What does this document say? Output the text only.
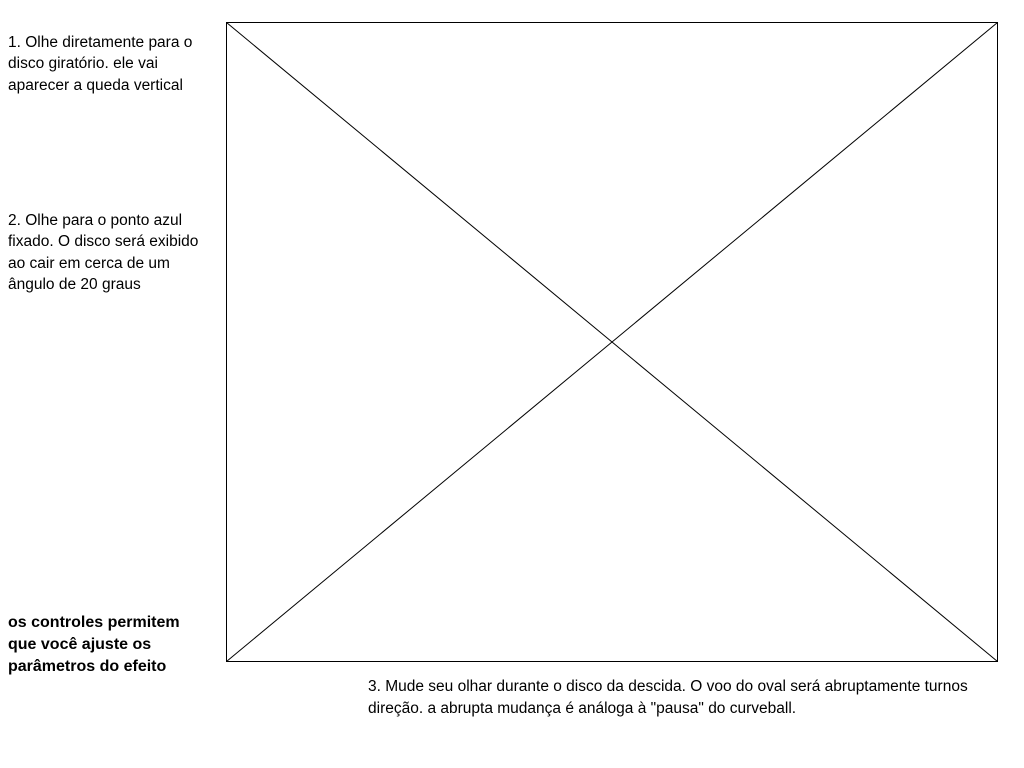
1. Olhe diretamente para o disco giratório. ele vai aparecer a queda vertical
2. Olhe para o ponto azul fixado. O disco será exibido ao cair em cerca de um ângulo de 20 graus
os controles permitem que você ajuste os parâmetros do efeito
3. Mude seu olhar durante o disco da descida. O voo do oval será abruptamente turnos direção. a abrupta mudança é análoga à "pausa" do curveball.
